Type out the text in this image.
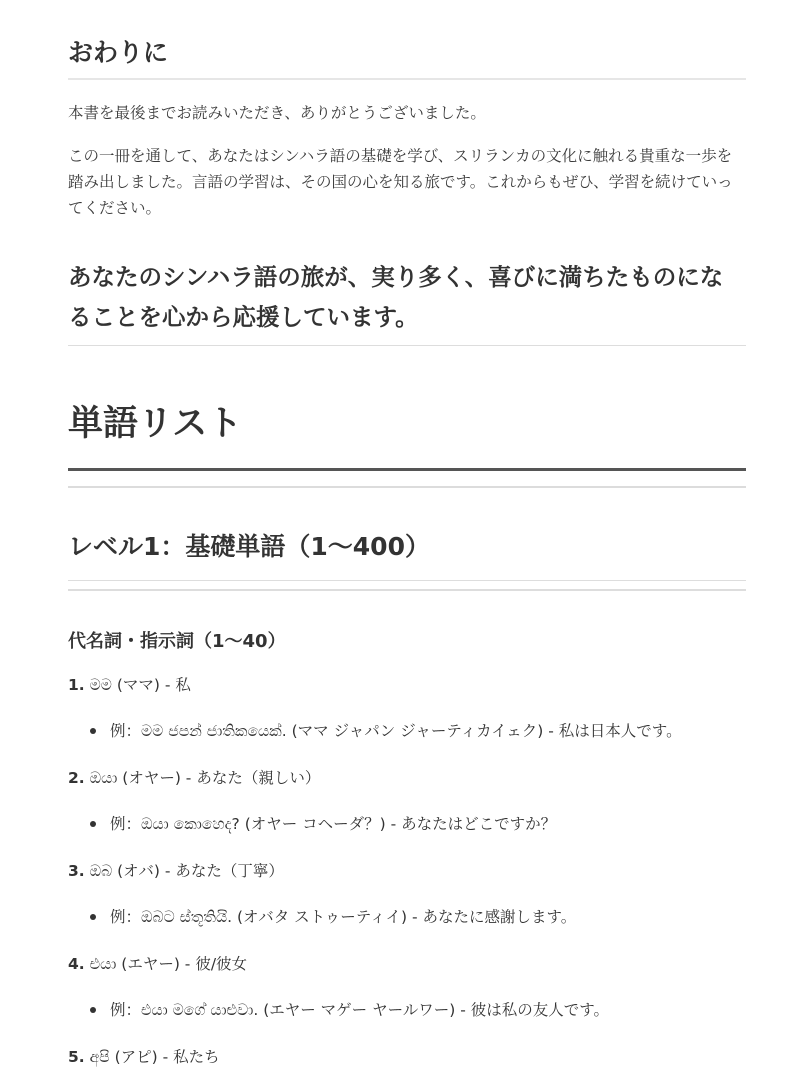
おわりに

本書を最後までお読みいただき、ありがとうございました。

この一冊を通して、あなたはシンハラ語の基礎を学び、スリランカの文化に触れる貴重な一歩を踏み出しました。言語の学習は、その国の心を知る旅です。これからもぜひ、学習を続けていってください。

あなたのシンハラ語の旅が、実り多く、喜びに満ちたものになることを心から応援しています。

単語リスト
レベル1：基礎単語（1〜400）
代名詞・指示詞（1〜40）

1. මම (ママ) - 私

例：මම ජපන් ජාතිකයෙක්. (ママ ジャパン ジャーティカイェク) - 私は日本人です。

2. ඔයා (オヤー) - あなた（親しい）

例：ඔයා කොහෙද? (オヤー コヘーダ？) - あなたはどこですか？

3. ඔබ (オバ) - あなた（丁寧）

例：ඔබට ස්තූතියි. (オバタ ストゥーティイ) - あなたに感謝します。

4. එයා (エヤー) - 彼/彼女

例：එයා මගේ යාළුවා. (エヤー マゲー ヤールワー) - 彼は私の友人です。

5. අපි (アピ) - 私たち
